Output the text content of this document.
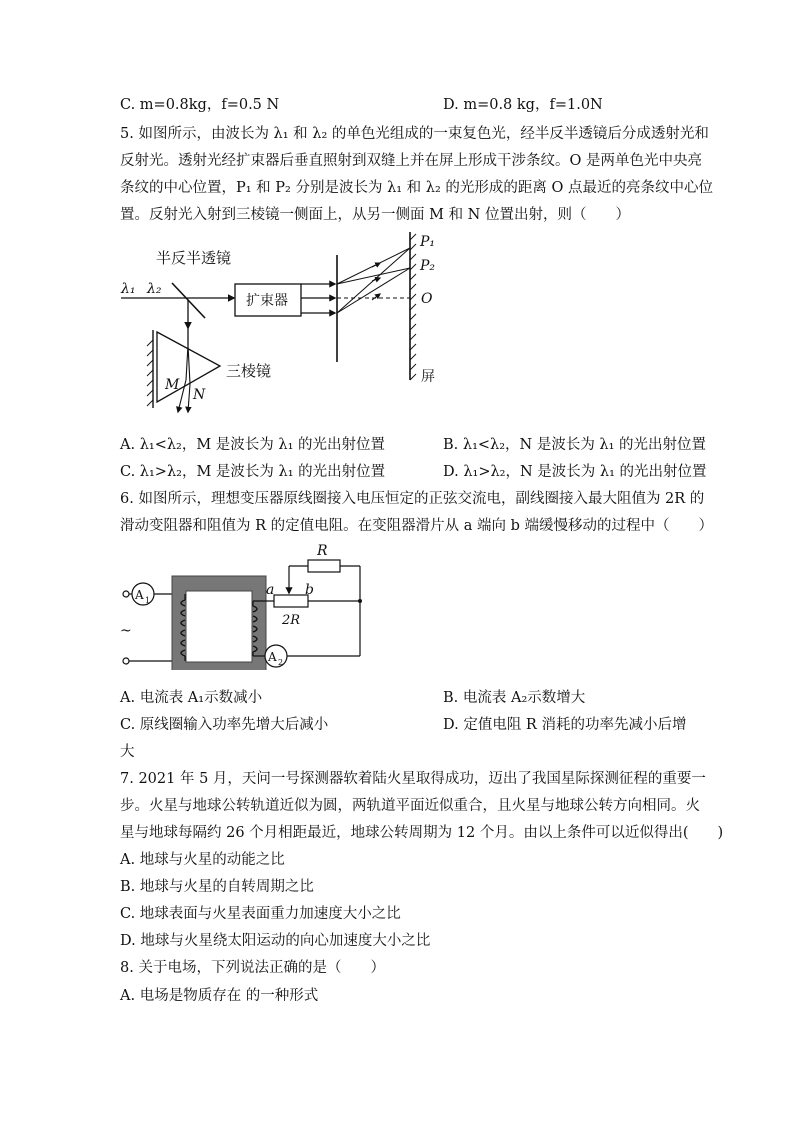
C. m=0.8kg，f=0.5 N	D. m=0.8 kg，f=1.0N
5. 如图所示，由波长为 λ₁ 和 λ₂ 的单色光组成的一束复色光，经半反半透镜后分成透射光和
反射光。透射光经扩束器后垂直照射到双缝上并在屏上形成干涉条纹。O 是两单色光中央亮
条纹的中心位置，P₁ 和 P₂ 分别是波长为 λ₁ 和 λ₂ 的光形成的距离 O 点最近的亮条纹中心位
置。反射光入射到三棱镜一侧面上，从另一侧面 M 和 N 位置出射，则（　　）
半反半透镜
λ₁ λ₂
扩束器
P₁
P₂
O
屏
三棱镜
M
N
A. λ₁<λ₂，M 是波长为 λ₁ 的光出射位置	B. λ₁<λ₂，N 是波长为 λ₁ 的光出射位置
C. λ₁>λ₂，M 是波长为 λ₁ 的光出射位置	D. λ₁>λ₂，N 是波长为 λ₁ 的光出射位置
6. 如图所示，理想变压器原线圈接入电压恒定的正弦交流电，副线圈接入最大阻值为 2R 的
滑动变阻器和阻值为 R 的定值电阻。在变阻器滑片从 a 端向 b 端缓慢移动的过程中（　　）
~
A 1
R
a b
2R
A 2
A. 电流表 A₁示数减小	B. 电流表 A₂示数增大
C. 原线圈输入功率先增大后减小	D. 定值电阻 R 消耗的功率先减小后增
大
7. 2021 年 5 月，天问一号探测器软着陆火星取得成功，迈出了我国星际探测征程的重要一
步。火星与地球公转轨道近似为圆，两轨道平面近似重合，且火星与地球公转方向相同。火
星与地球每隔约 26 个月相距最近，地球公转周期为 12 个月。由以上条件可以近似得出(　　)
A. 地球与火星的动能之比
B. 地球与火星的自转周期之比
C. 地球表面与火星表面重力加速度大小之比
D. 地球与火星绕太阳运动的向心加速度大小之比
8. 关于电场，下列说法正确的是（　　）
A. 电场是物质存在 的一种形式
